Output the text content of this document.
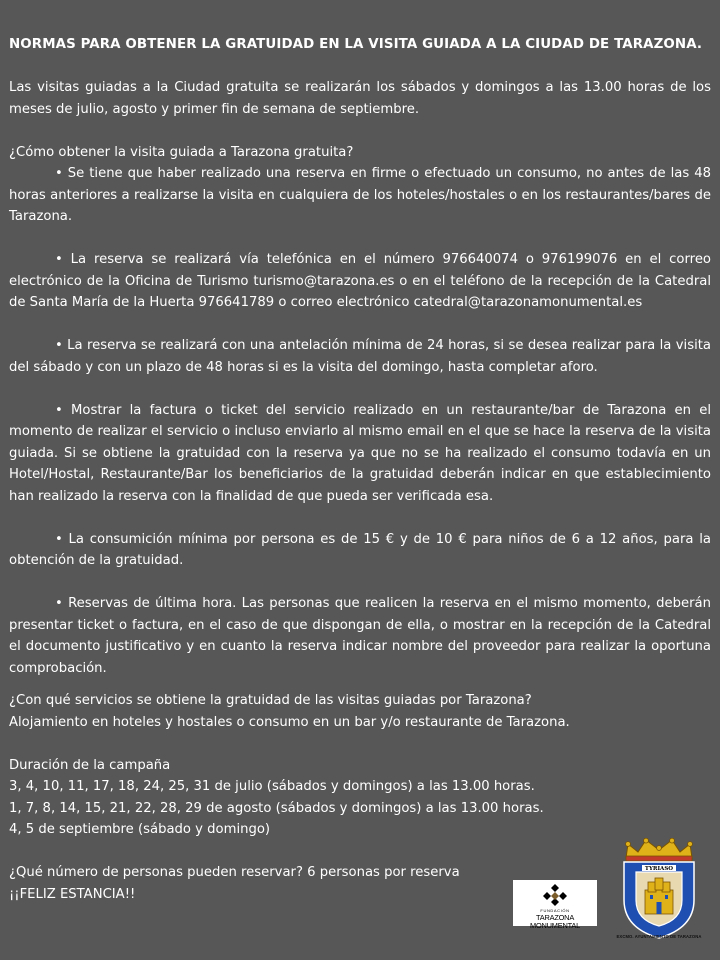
NORMAS PARA OBTENER LA GRATUIDAD EN LA VISITA GUIADA A LA CIUDAD DE TARAZONA.

Las visitas guiadas a la Ciudad gratuita se realizarán los sábados y domingos a las 13.00 horas de los meses de julio, agosto y primer fin de semana de septiembre.

¿Cómo obtener la visita guiada a Tarazona gratuita?

• Se tiene que haber realizado una reserva en firme o efectuado un consumo, no antes de las 48 horas anteriores a realizarse la visita en cualquiera de los hoteles/hostales o en los restaurantes/bares de Tarazona.

• La reserva se realizará vía telefónica en el número 976640074 o 976199076 en el correo electrónico de la Oficina de Turismo turismo@tarazona.es o en el teléfono de la recepción de la Catedral de Santa María de la Huerta 976641789 o correo electrónico catedral@tarazonamonumental.es

• La reserva se realizará con una antelación mínima de 24 horas, si se desea realizar para la visita del sábado y con un plazo de 48 horas si es la visita del domingo, hasta completar aforo.

• Mostrar la factura o ticket del servicio realizado en un restaurante/bar de Tarazona en el momento de realizar el servicio o incluso enviarlo al mismo email en el que se hace la reserva de la visita guiada. Si se obtiene la gratuidad con la reserva ya que no se ha realizado el consumo todavía en un Hotel/Hostal, Restaurante/Bar los beneficiarios de la gratuidad deberán indicar en que establecimiento han realizado la reserva con la finalidad de que pueda ser verificada esa.

• La consumición mínima por persona es de 15 € y de 10 € para niños de 6 a 12 años, para la obtención de la gratuidad.

• Reservas de última hora. Las personas que realicen la reserva en el mismo momento, deberán presentar ticket o factura, en el caso de que dispongan de ella, o mostrar en la recepción de la Catedral el documento justificativo y en cuanto la reserva indicar nombre del proveedor para realizar la oportuna comprobación.

¿Con qué servicios se obtiene la gratuidad de las visitas guiadas por Tarazona?

Alojamiento en hoteles y hostales o consumo en un bar y/o restaurante de Tarazona.

Duración de la campaña

3, 4, 10, 11, 17, 18, 24, 25, 31 de julio (sábados y domingos) a las 13.00 horas.

1, 7, 8, 14, 15, 21, 22, 28, 29 de agosto (sábados y domingos) a las 13.00 horas.

4, 5 de septiembre (sábado y domingo)

¿Qué número de personas pueden reservar? 6 personas por reserva

¡¡FELIZ ESTANCIA!!

FUNDACIÓN
TARAZONA MONUMENTAL
TYRIASO
EXCMO. AYUNTAMIENTO DE TARAZONA
